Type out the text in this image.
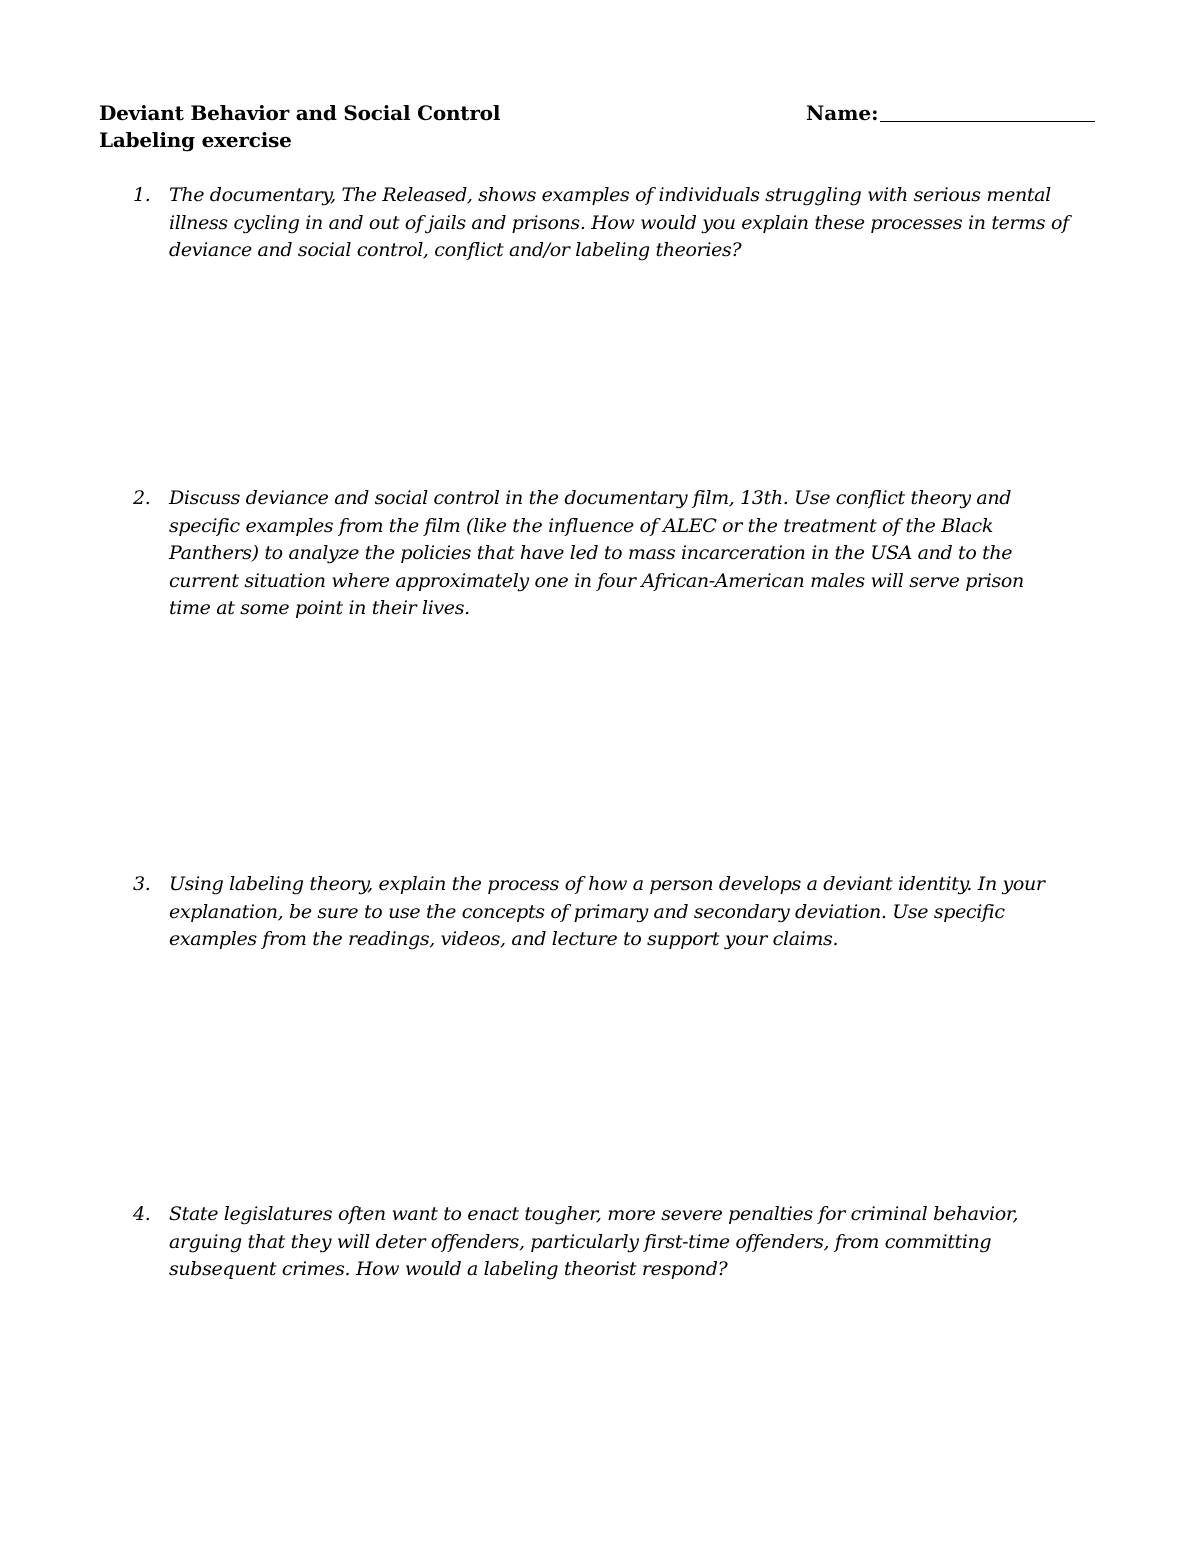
Deviant Behavior and Social Control
Labeling exercise
Name:
1. The documentary, The Released, shows examples of individuals struggling with serious mental
illness cycling in and out of jails and prisons. How would you explain these processes in terms of
deviance and social control, conflict and/or labeling theories?
2. Discuss deviance and social control in the documentary film, 13th. Use conflict theory and
specific examples from the film (like the influence of ALEC or the treatment of the Black
Panthers) to analyze the policies that have led to mass incarceration in the USA and to the
current situation where approximately one in four African-American males will serve prison
time at some point in their lives.
3. Using labeling theory, explain the process of how a person develops a deviant identity. In your
explanation, be sure to use the concepts of primary and secondary deviation. Use specific
examples from the readings, videos, and lecture to support your claims.
4. State legislatures often want to enact tougher, more severe penalties for criminal behavior,
arguing that they will deter offenders, particularly first-time offenders, from committing
subsequent crimes. How would a labeling theorist respond?
